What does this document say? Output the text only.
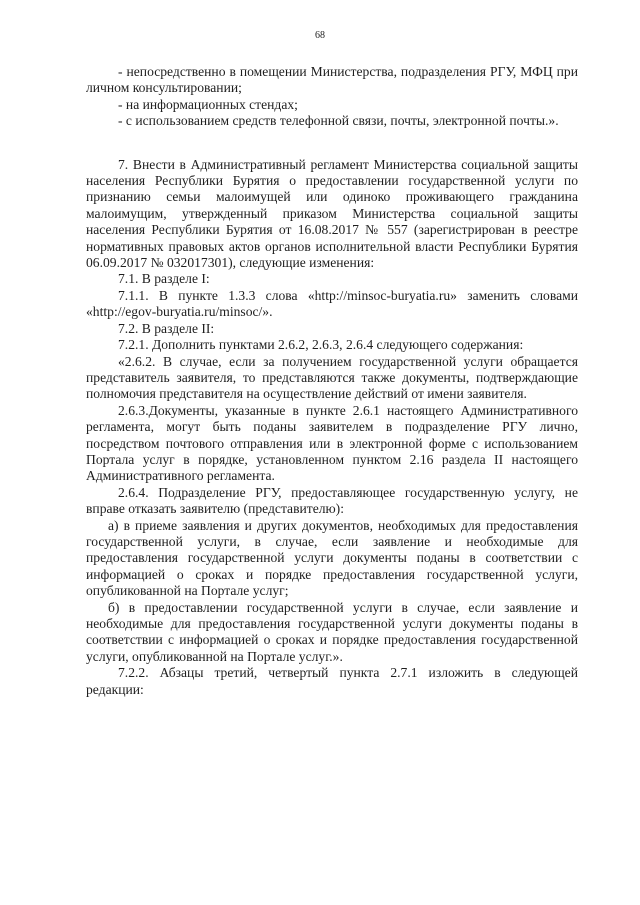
68

- непосредственно в помещении Министерства, подразделения РГУ, МФЦ при личном консультировании;

- на информационных стендах;

- с использованием средств телефонной связи, почты, электронной почты.».

7. Внести в Административный регламент Министерства социальной защиты населения Республики Бурятия о предоставлении государственной услуги по признанию семьи малоимущей или одиноко проживающего гражданина малоимущим, утвержденный приказом Министерства социальной защиты населения Республики Бурятия от 16.08.2017 № 557 (зарегистрирован в реестре нормативных правовых актов органов исполнительной власти Республики Бурятия 06.09.2017 № 032017301), следующие изменения:

7.1. В разделе I:

7.1.1. В пункте 1.3.3 слова «http://minsoc-buryatia.ru» заменить словами «http://egov-buryatia.ru/minsoc/».

7.2. В разделе II:

7.2.1. Дополнить пунктами 2.6.2, 2.6.3, 2.6.4 следующего содержания:

«2.6.2. В случае, если за получением государственной услуги обращается представитель заявителя, то представляются также документы, подтверждающие полномочия представителя на осуществление действий от имени заявителя.

2.6.3.Документы, указанные в пункте 2.6.1 настоящего Административного регламента, могут быть поданы заявителем в подразделение РГУ лично, посредством почтового отправления или в электронной форме с использованием Портала услуг в порядке, установленном пунктом 2.16 раздела II настоящего Административного регламента.

2.6.4. Подразделение РГУ, предоставляющее государственную услугу, не вправе отказать заявителю (представителю):

а) в приеме заявления и других документов, необходимых для предоставления государственной услуги, в случае, если заявление и необходимые для предоставления государственной услуги документы поданы в соответствии с информацией о сроках и порядке предоставления государственной услуги, опубликованной на Портале услуг;

б) в предоставлении государственной услуги в случае, если заявление и необходимые для предоставления государственной услуги документы поданы в соответствии с информацией о сроках и порядке предоставления государственной услуги, опубликованной на Портале услуг.».

7.2.2. Абзацы третий, четвертый пункта 2.7.1 изложить в следующей редакции:
